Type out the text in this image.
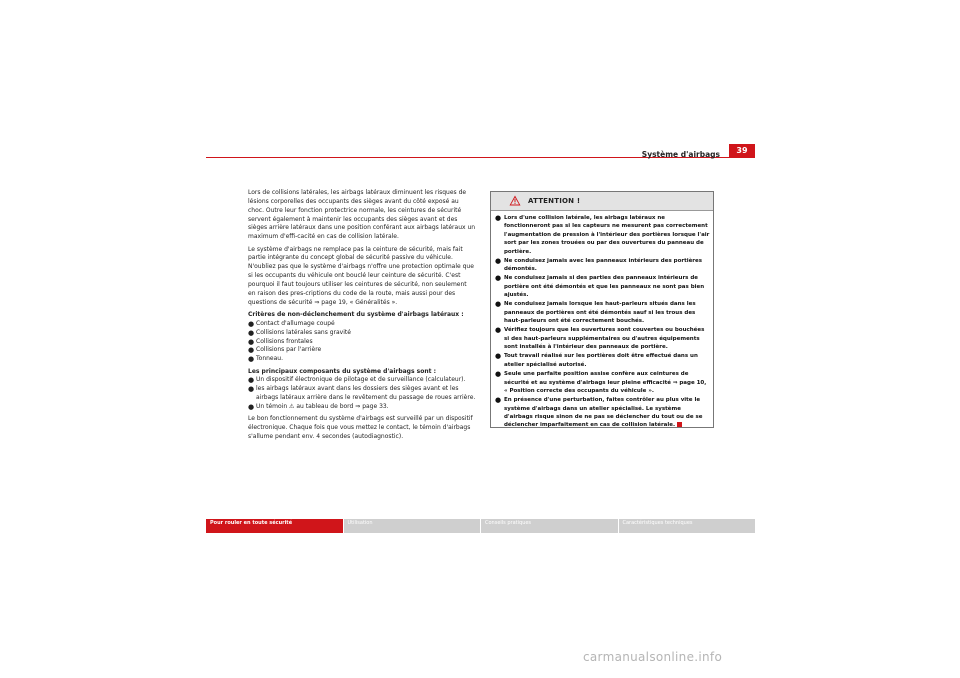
Système d'airbags	39

Lors de collisions latérales, les airbags latéraux diminuent les risques de lésions corporelles des occupants des sièges avant du côté exposé au choc. Outre leur fonction protectrice normale, les ceintures de sécurité servent également à maintenir les occupants des sièges avant et des sièges arrière latéraux dans une position conférant aux airbags latéraux un maximum d'effi-cacité en cas de collision latérale.

Le système d'airbags ne remplace pas la ceinture de sécurité, mais fait partie intégrante du concept global de sécurité passive du véhicule. N'oubliez pas que le système d'airbags n'offre une protection optimale que si les occupants du véhicule ont bouclé leur ceinture de sécurité. C'est pourquoi il faut toujours utiliser les ceintures de sécurité, non seulement en raison des pres-criptions du code de la route, mais aussi pour des questions de sécurité ⇒ page 19, « Généralités ».

Critères de non-déclenchement du système d'airbags latéraux :

● Contact d'allumage coupé
● Collisions latérales sans gravité
● Collisions frontales
● Collisions par l'arrière
● Tonneau.

Les principaux composants du système d'airbags sont :

● Un dispositif électronique de pilotage et de surveillance (calculateur).
● les airbags latéraux avant dans les dossiers des sièges avant et les airbags latéraux arrière dans le revêtement du passage de roues arrière.
● Un témoin ⚠ au tableau de bord ⇒ page 33.

Le bon fonctionnement du système d'airbags est surveillé par un dispositif électronique. Chaque fois que vous mettez le contact, le témoin d'airbags s'allume pendant env. 4 secondes (autodiagnostic).

ATTENTION !
● Lors d'une collision latérale, les airbags latéraux ne fonctionneront pas si les capteurs ne mesurent pas correctement l'augmentation de pression à l'intérieur des portières lorsque l'air sort par les zones trouées ou par des ouvertures du panneau de portière.
● Ne conduisez jamais avec les panneaux intérieurs des portières démontés.
● Ne conduisez jamais si des parties des panneaux intérieurs de portière ont été démontés et que les panneaux ne sont pas bien ajustés.
● Ne conduisez jamais lorsque les haut-parleurs situés dans les panneaux de portières ont été démontés sauf si les trous des haut-parleurs ont été correctement bouchés.
● Vérifiez toujours que les ouvertures sont couvertes ou bouchées si des haut-parleurs supplémentaires ou d'autres équipements sont installés à l'intérieur des panneaux de portière.
● Tout travail réalisé sur les portières doit être effectué dans un atelier spécialisé autorisé.
● Seule une parfaite position assise confère aux ceintures de sécurité et au système d'airbags leur pleine efficacité ⇒ page 10, « Position correcte des occupants du véhicule ».
● En présence d'une perturbation, faites contrôler au plus vite le système d'airbags dans un atelier spécialisé. Le système d'airbags risque sinon de ne pas se déclencher du tout ou de se déclencher imparfaitement en cas de collision latérale.
Pour rouler en toute sécurité	Utilisation	Conseils pratiques	Caractéristiques techniques
carmanualsonline.info
